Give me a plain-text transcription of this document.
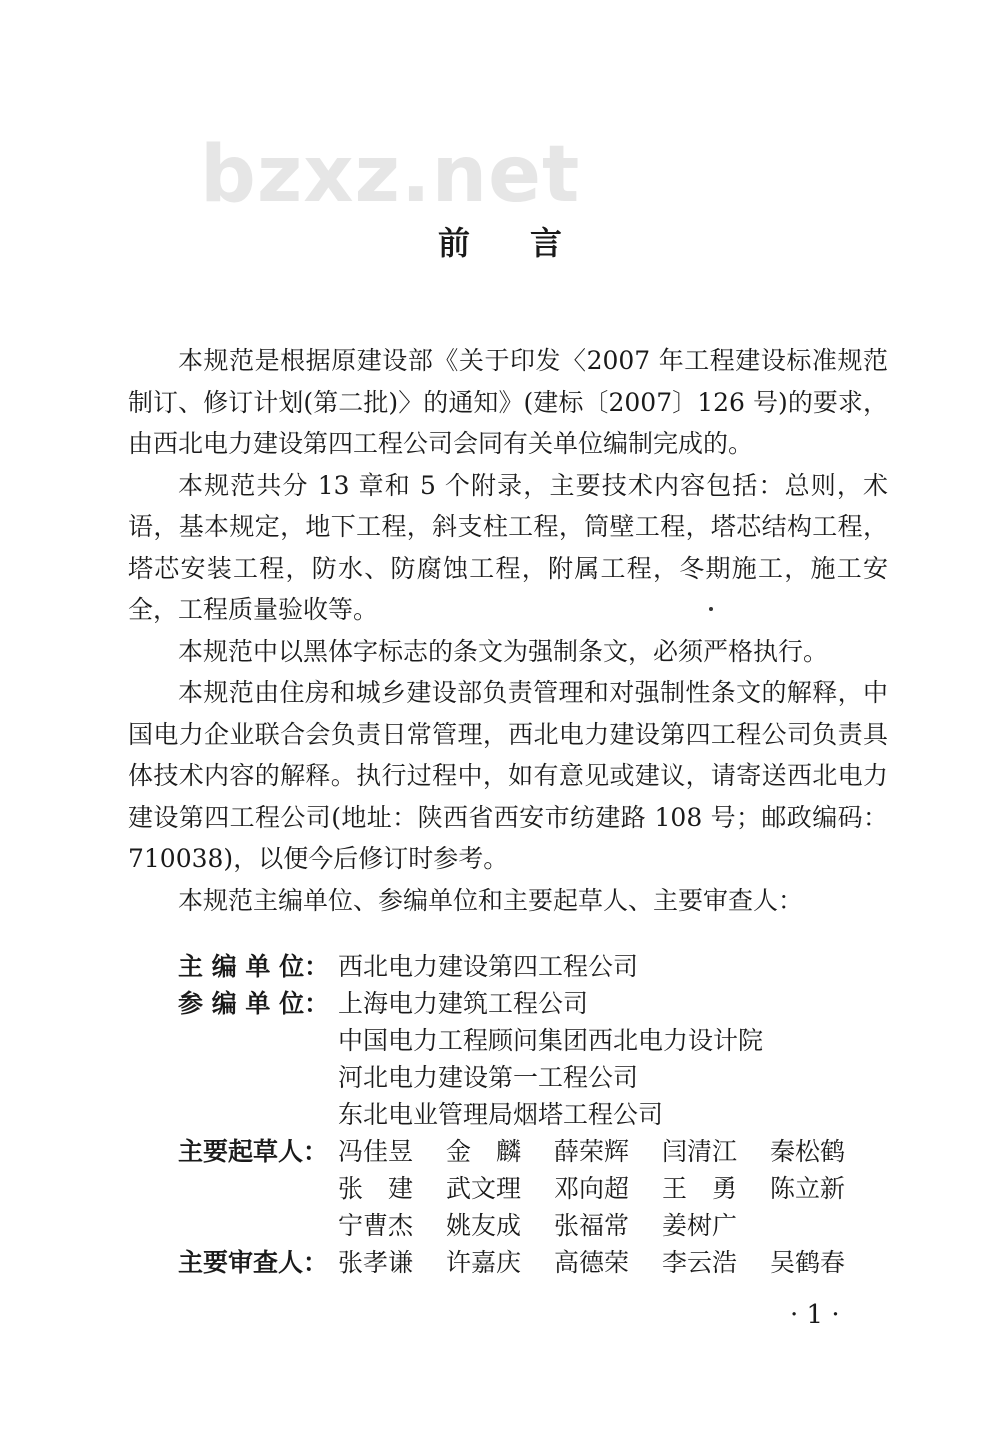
bzxz.net
前言

本规范是根据原建设部《关于印发〈2007 年工程建设标准规范制订、修订计划(第二批)〉的通知》(建标〔2007〕126 号)的要求，由西北电力建设第四工程公司会同有关单位编制完成的。

本规范共分 13 章和 5 个附录，主要技术内容包括：总则，术语，基本规定，地下工程，斜支柱工程，筒壁工程，塔芯结构工程，塔芯安装工程，防水、防腐蚀工程，附属工程，冬期施工，施工安全，工程质量验收等。

本规范中以黑体字标志的条文为强制条文，必须严格执行。

本规范由住房和城乡建设部负责管理和对强制性条文的解释，中国电力企业联合会负责日常管理，西北电力建设第四工程公司负责具体技术内容的解释。执行过程中，如有意见或建议，请寄送西北电力建设第四工程公司(地址：陕西省西安市纺建路 108 号；邮政编码：710038)，以便今后修订时参考。

本规范主编单位、参编单位和主要起草人、主要审查人：

主 编 单 位： 西北电力建设第四工程公司
参 编 单 位： 上海电力建筑工程公司
中国电力工程顾问集团西北电力设计院
河北电力建设第一工程公司
东北电业管理局烟塔工程公司
主要起草人： 冯佳昱	金　麟	薛荣辉	闫清江	秦松鹤
张　建	武文理	邓向超	王　勇	陈立新
宁曹杰	姚友成	张福常	姜树广
主要审查人： 张孝谦	许嘉庆	高德荣	李云浩	吴鹤春
· 1 ·
